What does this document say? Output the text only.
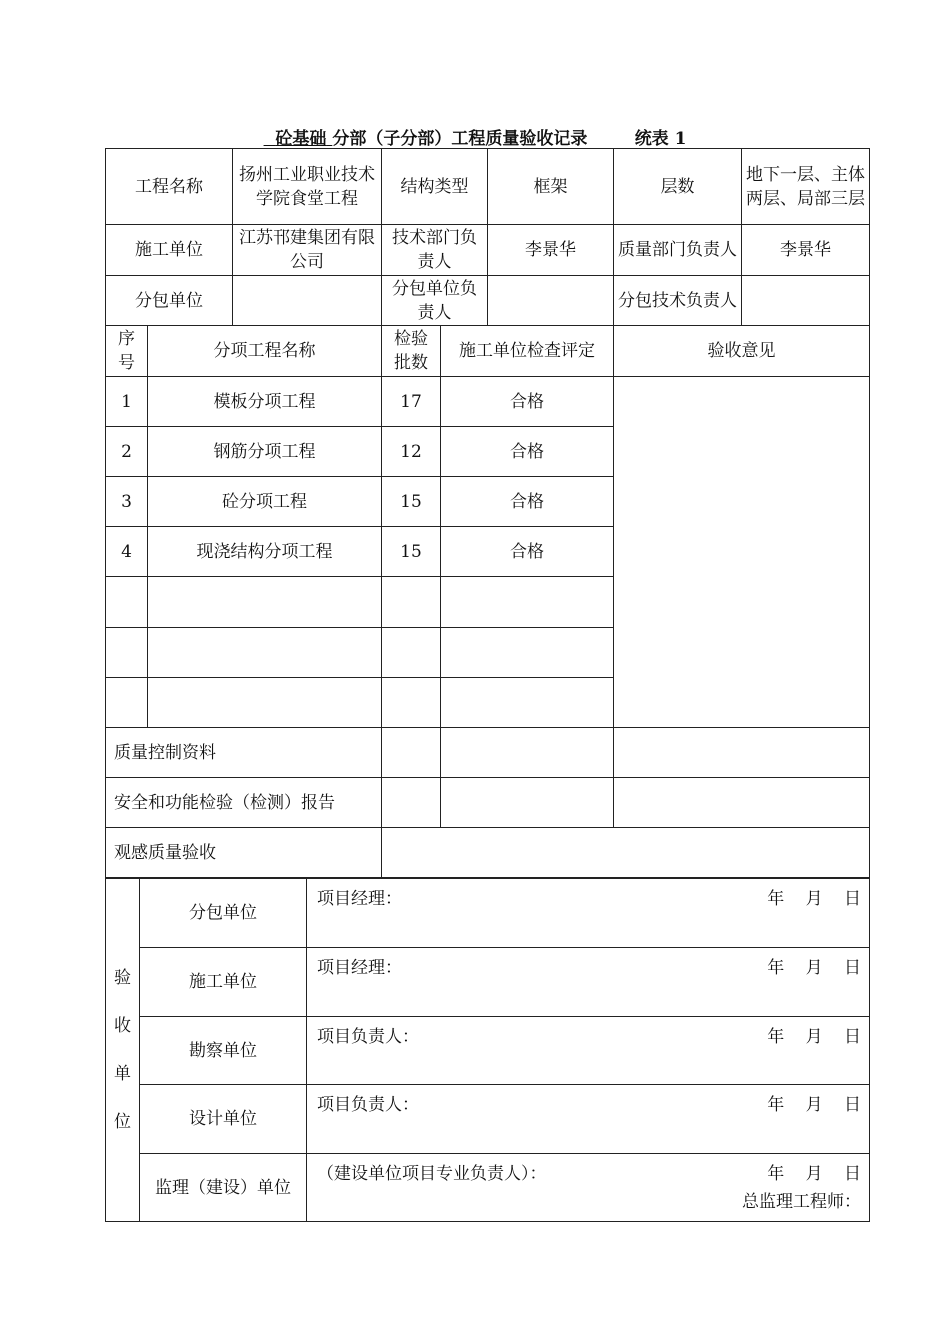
砼基础 分部（子分部）工程质量验收记录	统表 1
工程名称	扬州工业职业技术学院食堂工程	结构类型	框架	层数	地下一层、主体两层、局部三层
施工单位	江苏邗建集团有限公司	技术部门负责人	李景华	质量部门负责人	李景华
分包单位		分包单位负责人		分包技术负责人	
序号	分项工程名称	检验批数	施工单位检查评定	验收意见
1	模板分项工程	17	合格	
2	钢筋分项工程	12	合格	
3	砼分项工程	15	合格	
4	现浇结构分项工程	15	合格	

质量控制资料				
安全和功能检验（检测）报告				
观感质量验收				
验
收
单
位	分包单位	项目经理： 年 月 日

	施工单位	项目经理： 年 月 日

	勘察单位	项目负责人： 年 月 日

	设计单位	项目负责人： 年 月 日

	监理（建设）单位	总监理工程师：
（建设单位项目专业负责人）： 年 月 日
